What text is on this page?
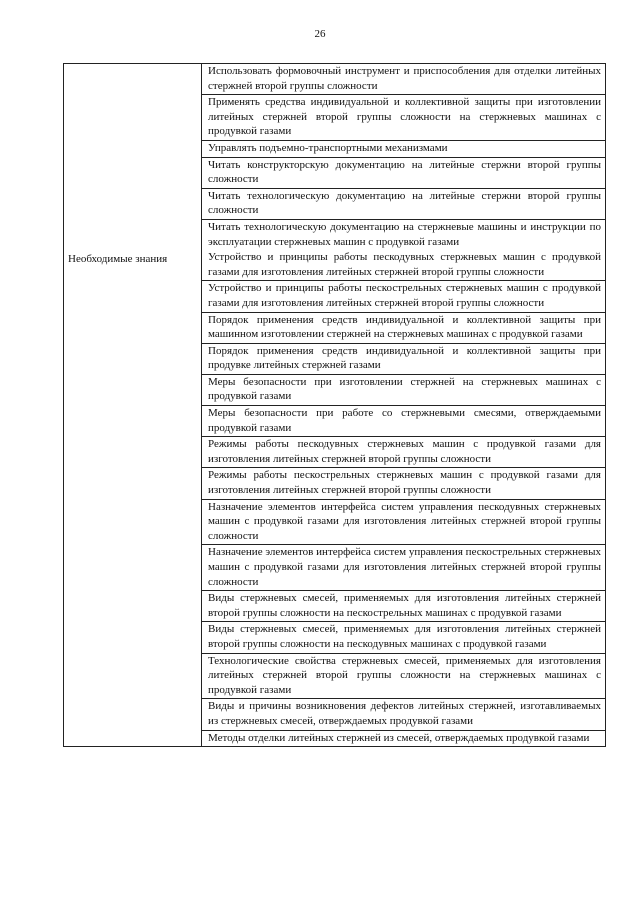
26
Использовать формовочный инструмент и приспособления для отделки литейных стержней второй группы сложности
Применять средства индивидуальной и коллективной защиты при изготовлении литейных стержней второй группы сложности на стержневых машинах с продувкой газами
Управлять подъемно-транспортными механизмами
Читать конструкторскую документацию на литейные стержни второй группы сложности
Читать технологическую документацию на литейные стержни второй группы сложности
Читать технологическую документацию на стержневые машины и инструкции по эксплуатации стержневых машин с продувкой газами
Необходимые знания	Устройство и принципы работы пескодувных стержневых машин с продувкой газами для изготовления литейных стержней второй группы сложности
Устройство и принципы работы пескострельных стержневых машин с продувкой газами для изготовления литейных стержней второй группы сложности
Порядок применения средств индивидуальной и коллективной защиты при машинном изготовлении стержней на стержневых машинах с продувкой газами
Порядок применения средств индивидуальной и коллективной защиты при продувке литейных стержней газами
Меры безопасности при изготовлении стержней на стержневых машинах с продувкой газами
Меры безопасности при работе со стержневыми смесями, отверждаемыми продувкой газами
Режимы работы пескодувных стержневых машин с продувкой газами для изготовления литейных стержней второй группы сложности
Режимы работы пескострельных стержневых машин с продувкой газами для изготовления литейных стержней второй группы сложности
Назначение элементов интерфейса систем управления пескодувных стержневых машин с продувкой газами для изготовления литейных стержней второй группы сложности
Назначение элементов интерфейса систем управления пескострельных стержневых машин с продувкой газами для изготовления литейных стержней второй группы сложности
Виды стержневых смесей, применяемых для изготовления литейных стержней второй группы сложности на пескострельных машинах с продувкой газами
Виды стержневых смесей, применяемых для изготовления литейных стержней второй группы сложности на пескодувных машинах с продувкой газами
Технологические свойства стержневых смесей, применяемых для изготовления литейных стержней второй группы сложности на стержневых машинах с продувкой газами
Виды и причины возникновения дефектов литейных стержней, изготавливаемых из стержневых смесей, отверждаемых продувкой газами
Методы отделки литейных стержней из смесей, отверждаемых продувкой газами
